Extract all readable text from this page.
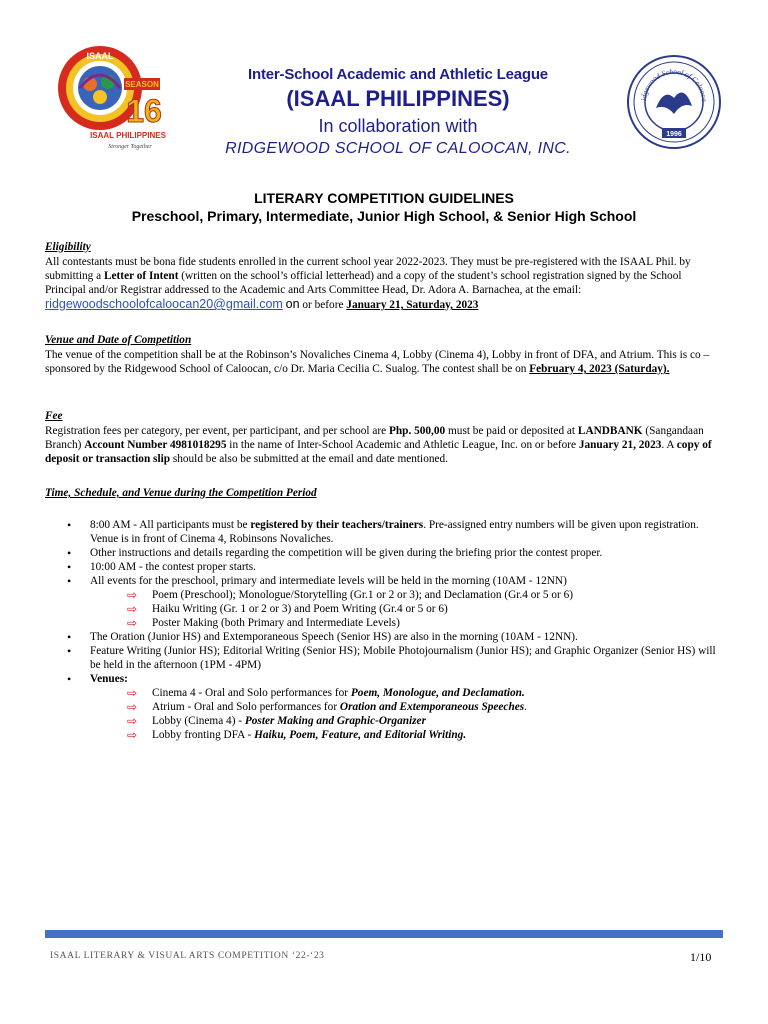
ISAAL
SEASON
16
ISAAL PHILIPPINES
Stronger Together
idgewood School of Calooca
1996

Inter-School Academic and Athletic League

(ISAAL PHILIPPINES)

In collaboration with

RIDGEWOOD SCHOOL OF CALOOCAN, INC.

LITERARY COMPETITION GUIDELINES

Preschool, Primary, Intermediate, Junior High School, & Senior High School

Eligibility

All contestants must be bona fide students enrolled in the current school year 2022-2023. They must be pre-registered with the ISAAL Phil. by submitting a Letter of Intent (written on the school’s official letterhead) and a copy of the student’s school registration signed by the School Principal and/or Registrar addressed to the Academic and Arts Committee Head, Dr. Adora A. Barnachea, at the email: ridgewoodschoolofcaloocan20@gmail.com on or before January 21, Saturday, 2023

Venue and Date of Competition

The venue of the competition shall be at the Robinson’s Novaliches Cinema 4, Lobby (Cinema 4), Lobby in front of DFA, and Atrium. This is co – sponsored by the Ridgewood School of Caloocan, c/o Dr. Maria Cecilia C. Sualog. The contest shall be on February 4, 2023 (Saturday).

Fee

Registration fees per category, per event, per participant, and per school are Php. 500,00 must be paid or deposited at LANDBANK (Sangandaan Branch) Account Number 4981018295 in the name of Inter-School Academic and Athletic League, Inc. on or before January 21, 2023. A copy of deposit or transaction slip should be also be submitted at the email and date mentioned.

Time, Schedule, and Venue during the Competition Period
• 8:00 AM - All participants must be registered by their teachers/trainers. Pre-assigned entry numbers will be given upon registration. Venue is in front of Cinema 4, Robinsons Novaliches.
• Other instructions and details regarding the competition will be given during the briefing prior the contest proper.
• 10:00 AM - the contest proper starts.
• All events for the preschool, primary and intermediate levels will be held in the morning (10AM - 12NN)
⇨ Poem (Preschool); Monologue/Storytelling (Gr.1 or 2 or 3); and Declamation (Gr.4 or 5 or 6)
⇨ Haiku Writing (Gr. 1 or 2 or 3) and Poem Writing (Gr.4 or 5 or 6)
⇨ Poster Making (both Primary and Intermediate Levels)
• The Oration (Junior HS) and Extemporaneous Speech (Senior HS) are also in the morning (10AM - 12NN).
• Feature Writing (Junior HS); Editorial Writing (Senior HS); Mobile Photojournalism (Junior HS); and Graphic Organizer (Senior HS) will be held in the afternoon (1PM - 4PM)
• Venues:
⇨ Cinema 4 - Oral and Solo performances for Poem, Monologue, and Declamation.
⇨ Atrium - Oral and Solo performances for Oration and Extemporaneous Speeches.
⇨ Lobby (Cinema 4) - Poster Making and Graphic-Organizer
⇨ Lobby fronting DFA - Haiku, Poem, Feature, and Editorial Writing.
ISAAL LITERARY & VISUAL ARTS COMPETITION ‘22-‘23	1/10
